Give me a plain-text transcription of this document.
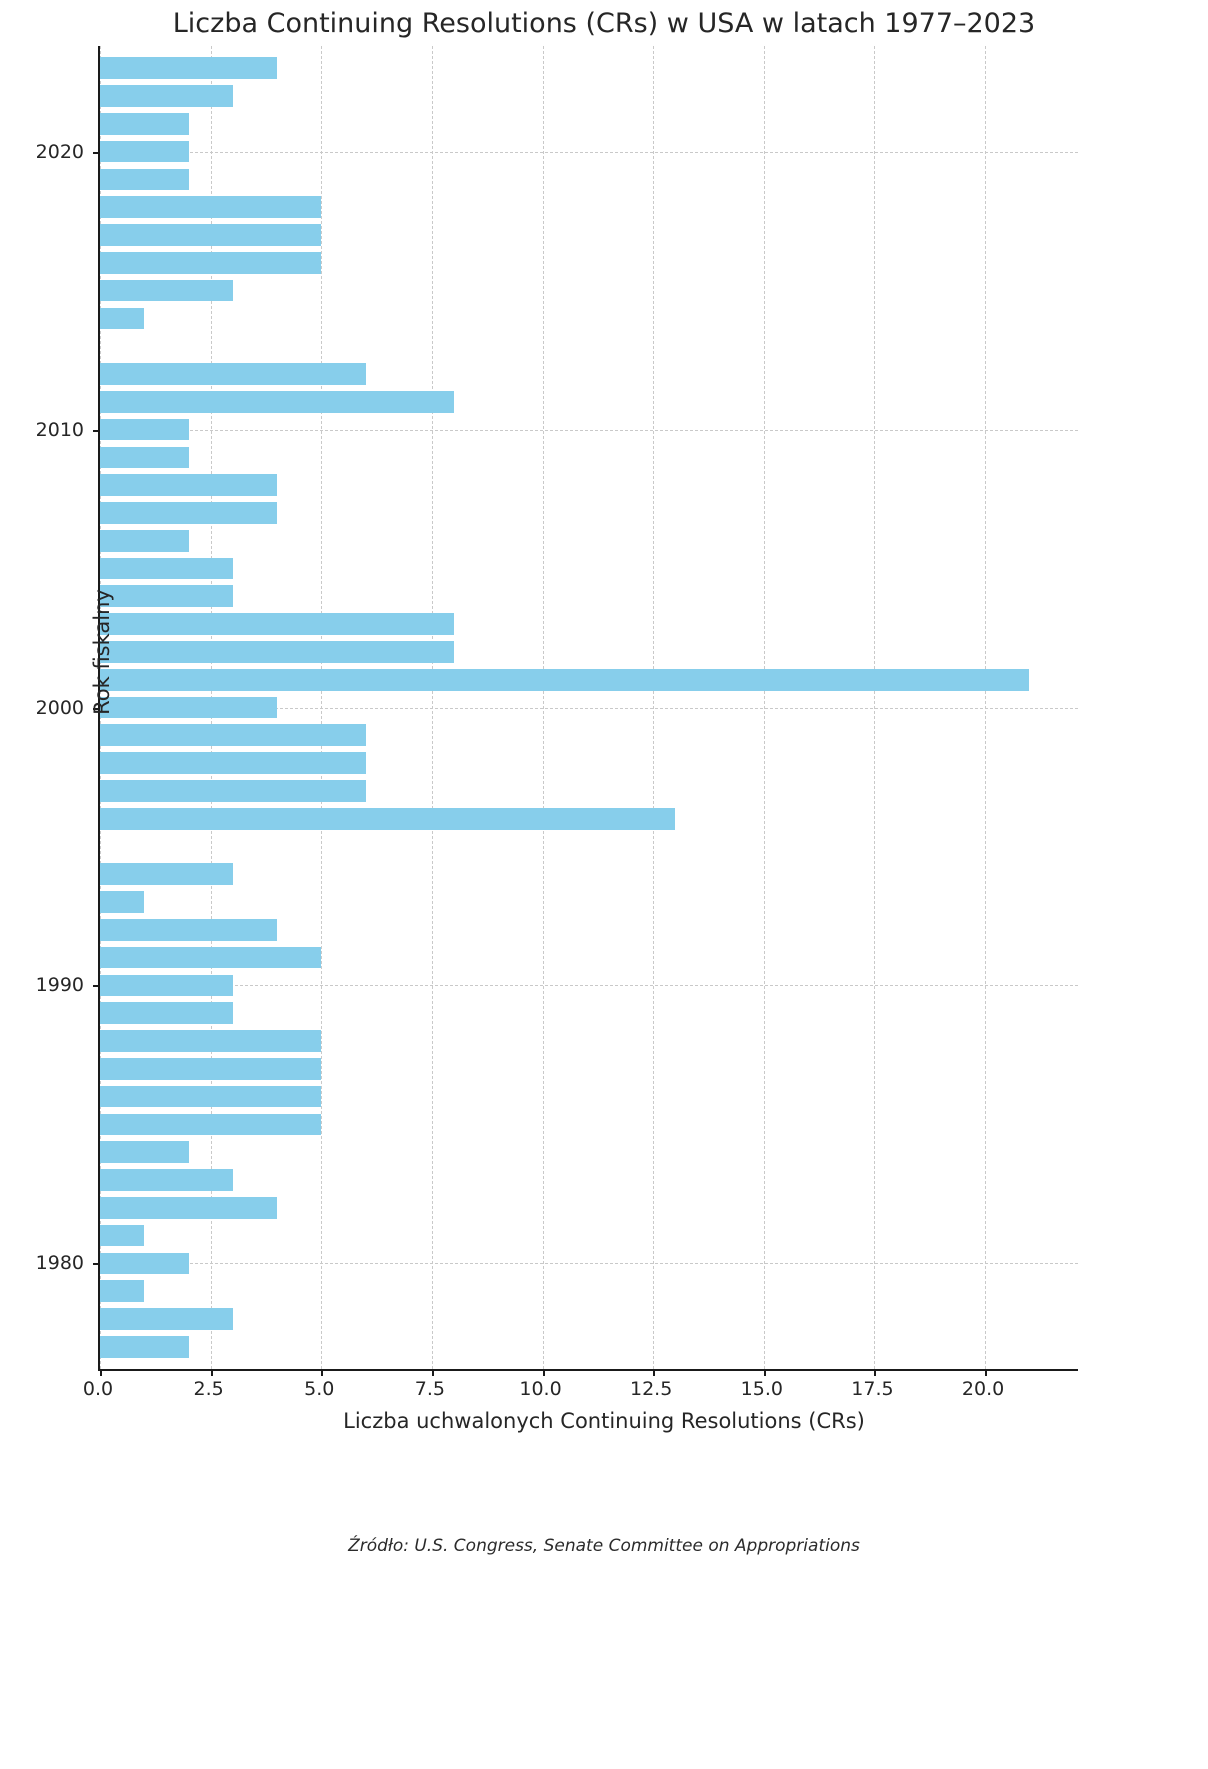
Liczba Continuing Resolutions (CRs) w USA w latach 1977–2023
0.0	2.5	5.0	7.5	10.0	12.5	15.0	17.5	20.0
1980
1990
2000
2010
2020
Liczba uchwalonych Continuing Resolutions (CRs)
Rok fiskalny
Źródło: U.S. Congress, Senate Committee on Appropriations
